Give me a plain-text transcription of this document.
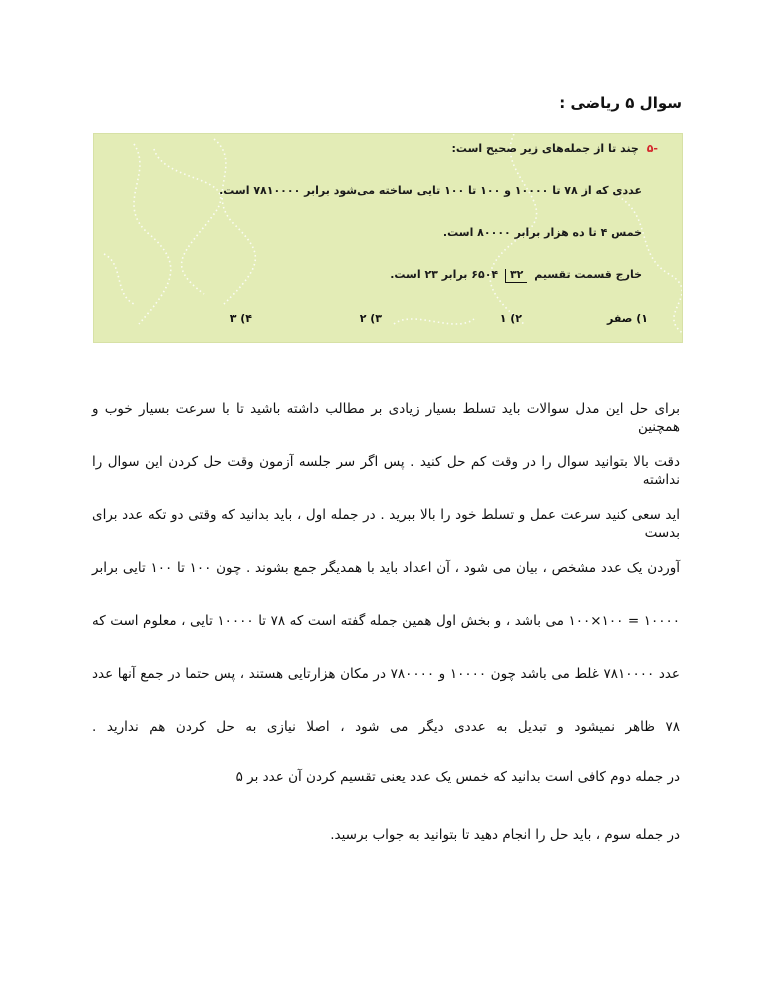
سوال ۵ ریاضی :
-۵ چند تا از جمله‌های زیر صحیح است:
عددی که از ۷۸ تا ۱۰۰۰۰ و ۱۰۰ تا ۱۰۰ تایی ساخته می‌شود برابر ۷۸۱۰۰۰۰ است.
خمس ۴ تا ده هزار برابر ۸۰۰۰۰ است.
خارج قسمت تقسیم ۳۲ ۶۵۰۴ برابر ۲۳ است.
۱) صفر
۲) ۱
۳) ۲
۴) ۳
برای حل این مدل سوالات باید تسلط بسیار زیادی بر مطالب داشته باشید تا با سرعت بسیار خوب و همچنین
دقت بالا بتوانید سوال را در وقت کم حل کنید . پس اگر سر جلسه آزمون وقت حل کردن این سوال را نداشته
اید سعی کنید سرعت عمل و تسلط خود را بالا ببرید . در جمله اول ، باید بدانید که وقتی دو تکه عدد برای بدست
آوردن یک عدد مشخص ، بیان می شود ، آن اعداد باید با همدیگر جمع بشوند . چون ۱۰۰ تا ۱۰۰ تایی برابر
۱۰۰۰۰ = ۱۰۰×۱۰۰ می باشد ، و بخش اول همین جمله گفته است که ۷۸ تا ۱۰۰۰۰ تایی ، معلوم است که
عدد ۷۸۱۰۰۰۰ غلط می باشد چون ۱۰۰۰۰ و ۷۸۰۰۰۰ در مکان هزارتایی هستند ، پس حتما در جمع آنها عدد
۷۸ ظاهر نمیشود و تبدیل به عددی دیگر می شود ، اصلا نیازی به حل کردن هم ندارید .
در جمله دوم کافی است بدانید که خمس یک عدد یعنی تقسیم کردن آن عدد بر ۵
در جمله سوم ، باید حل را انجام دهید تا بتوانید به جواب برسید.
